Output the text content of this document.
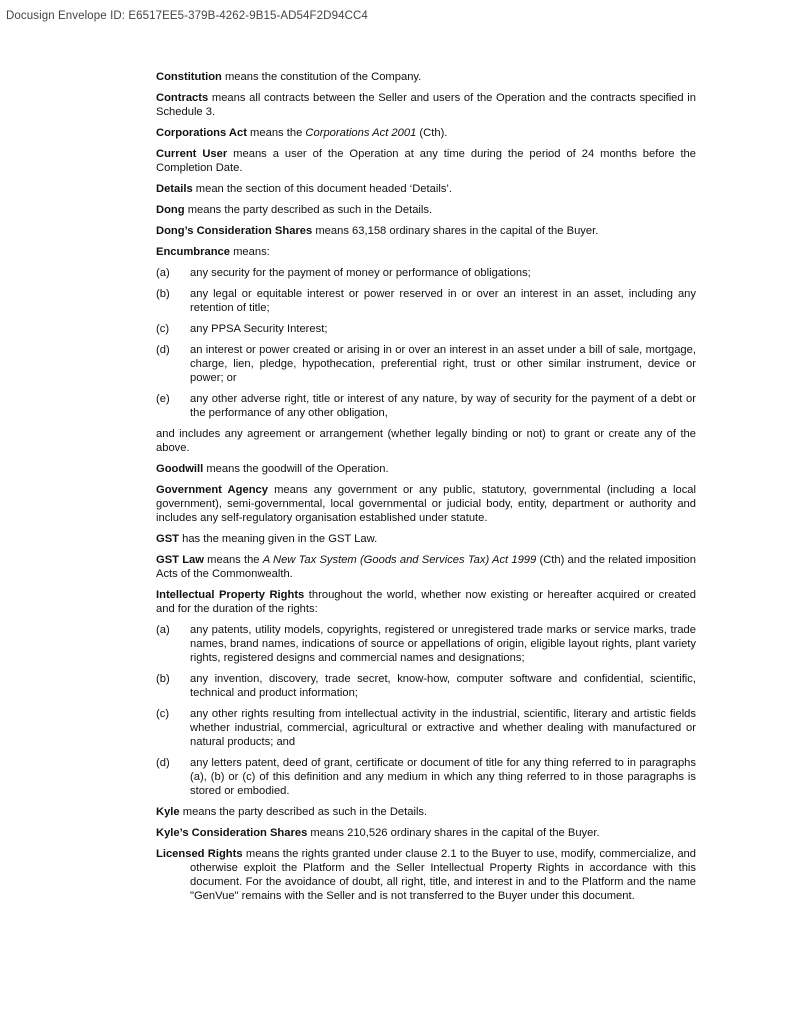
Docusign Envelope ID: E6517EE5-379B-4262-9B15-AD54F2D94CC4

Constitution means the constitution of the Company.

Contracts means all contracts between the Seller and users of the Operation and the contracts specified in Schedule 3.

Corporations Act means the Corporations Act 2001 (Cth).

Current User means a user of the Operation at any time during the period of 24 months before the Completion Date.

Details mean the section of this document headed ‘Details’.

Dong means the party described as such in the Details.

Dong’s Consideration Shares means 63,158 ordinary shares in the capital of the Buyer.

Encumbrance means:

(a)	any security for the payment of money or performance of obligations;
(b)	any legal or equitable interest or power reserved in or over an interest in an asset, including any retention of title;
(c)	any PPSA Security Interest;
(d)	an interest or power created or arising in or over an interest in an asset under a bill of sale, mortgage, charge, lien, pledge, hypothecation, preferential right, trust or other similar instrument, device or power; or
(e)	any other adverse right, title or interest of any nature, by way of security for the payment of a debt or the performance of any other obligation,

and includes any agreement or arrangement (whether legally binding or not) to grant or create any of the above.

Goodwill means the goodwill of the Operation.

Government Agency means any government or any public, statutory, governmental (including a local government), semi-governmental, local governmental or judicial body, entity, department or authority and includes any self-regulatory organisation established under statute.

GST has the meaning given in the GST Law.

GST Law means the A New Tax System (Goods and Services Tax) Act 1999 (Cth) and the related imposition Acts of the Commonwealth.

Intellectual Property Rights throughout the world, whether now existing or hereafter acquired or created and for the duration of the rights:

(a)	any patents, utility models, copyrights, registered or unregistered trade marks or service marks, trade names, brand names, indications of source or appellations of origin, eligible layout rights, plant variety rights, registered designs and commercial names and designations;
(b)	any invention, discovery, trade secret, know-how, computer software and confidential, scientific, technical and product information;
(c)	any other rights resulting from intellectual activity in the industrial, scientific, literary and artistic fields whether industrial, commercial, agricultural or extractive and whether dealing with manufactured or natural products; and
(d)	any letters patent, deed of grant, certificate or document of title for any thing referred to in paragraphs (a), (b) or (c) of this definition and any medium in which any thing referred to in those paragraphs is stored or embodied.

Kyle means the party described as such in the Details.

Kyle’s Consideration Shares means 210,526 ordinary shares in the capital of the Buyer.

Licensed Rights means the rights granted under clause 2.1 to the Buyer to use, modify, commercialize, and otherwise exploit the Platform and the Seller Intellectual Property Rights in accordance with this document. For the avoidance of doubt, all right, title, and interest in and to the Platform and the name "GenVue" remains with the Seller and is not transferred to the Buyer under this document.
